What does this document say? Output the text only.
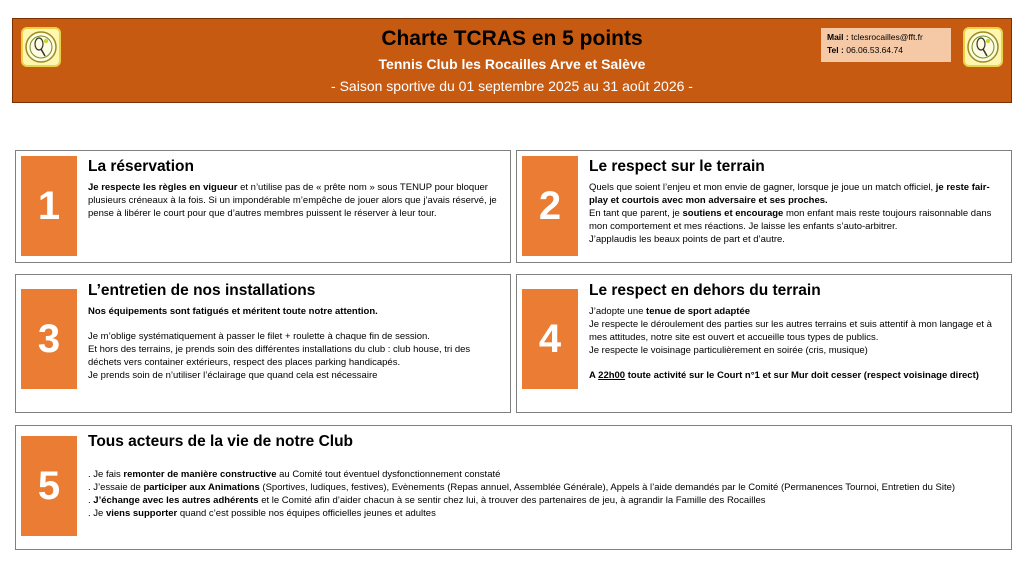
Charte TCRAS en 5 points
Tennis Club les Rocailles Arve et Salève
- Saison sportive du 01 septembre 2025 au 31 août 2026 -
Mail : tclesrocailles@fft.fr
Tel : 06.06.53.64.74
1
La réservation

Je respecte les règles en vigueur et n’utilise pas de « prête nom » sous TENUP pour bloquer plusieurs créneaux à la fois. Si un impondérable m’empêche de jouer alors que j’avais réservé, je pense à libérer le court pour que d’autres membres puissent le réserver à leur tour.	2
Le respect sur le terrain

Quels que soient l’enjeu et mon envie de gagner, lorsque je joue un match officiel, je reste fair-play et courtois avec mon adversaire et ses proches.

En tant que parent, je soutiens et encourage mon enfant mais reste toujours raisonnable dans mon comportement et mes réactions. Je laisse les enfants s’auto-arbitrer.

J’applaudis les beaux points de part et d’autre.

3
L’entretien de nos installations

Nos équipements sont fatigués et méritent toute notre attention.

Je m’oblige systématiquement à passer le filet + roulette à chaque fin de session.

Et hors des terrains, je prends soin des différentes installations du club : club house, tri des déchets vers container extérieurs, respect des places parking handicapés.

Je prends soin de n’utiliser l’éclairage que quand cela est nécessaire

4
Le respect en dehors du terrain

J’adopte une tenue de sport adaptée

Je respecte le déroulement des parties sur les autres terrains et suis attentif à mon langage et à mes attitudes, notre site est ouvert et accueille tous types de publics.

Je respecte le voisinage particulièrement en soirée (cris, musique)

A 22h00 toute activité sur le Court n°1 et sur Mur doit cesser (respect voisinage direct)

5
Tous acteurs de la vie de notre Club

. Je fais remonter de manière constructive au Comité tout éventuel dysfonctionnement constaté

. J’essaie de participer aux Animations (Sportives, ludiques, festives), Evènements (Repas annuel, Assemblée Générale), Appels à l’aide demandés par le Comité (Permanences Tournoi, Entretien du Site)

. J’échange avec les autres adhérents et le Comité afin d’aider chacun à se sentir chez lui, à trouver des partenaires de jeu, à agrandir la Famille des Rocailles

. Je viens supporter quand c’est possible nos équipes officielles jeunes et adultes
